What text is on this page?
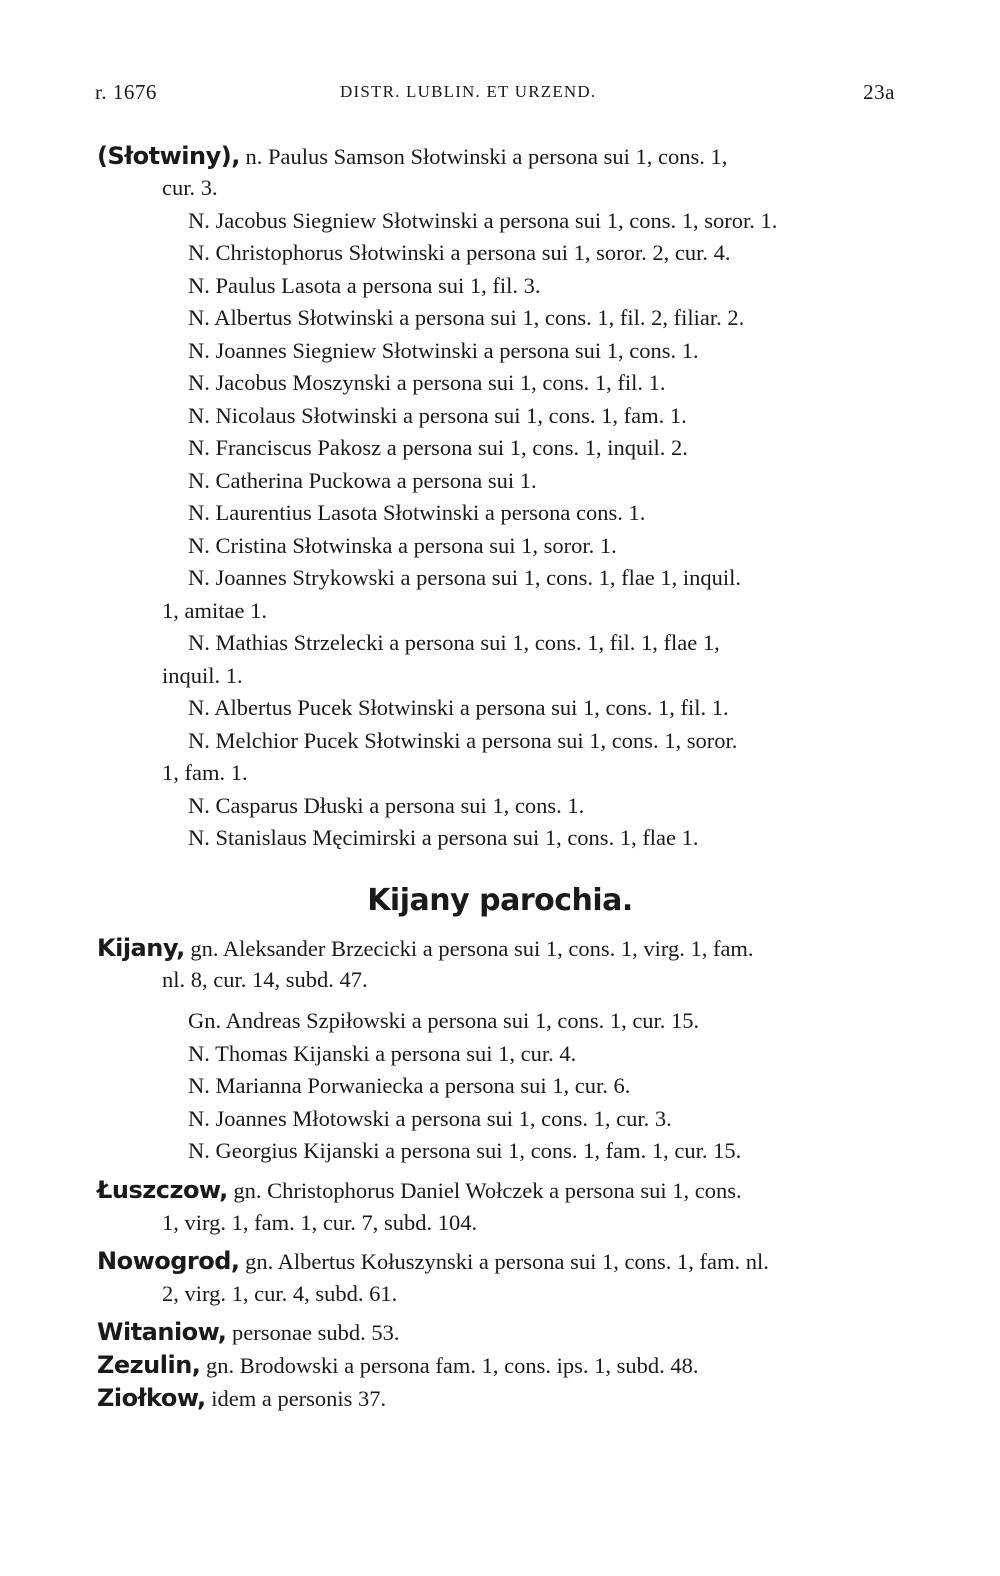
r. 1676	DISTR. LUBLIN. ET URZEND.	23a
(Słotwiny), n. Paulus Samson Słotwinski a persona sui 1, cons. 1,
cur. 3.
N. Jacobus Siegniew Słotwinski a persona sui 1, cons. 1, soror. 1.
N. Christophorus Słotwinski a persona sui 1, soror. 2, cur. 4.
N. Paulus Lasota a persona sui 1, fil. 3.
N. Albertus Słotwinski a persona sui 1, cons. 1, fil. 2, filiar. 2.
N. Joannes Siegniew Słotwinski a persona sui 1, cons. 1.
N. Jacobus Moszynski a persona sui 1, cons. 1, fil. 1.
N. Nicolaus Słotwinski a persona sui 1, cons. 1, fam. 1.
N. Franciscus Pakosz a persona sui 1, cons. 1, inquil. 2.
N. Catherina Puckowa a persona sui 1.
N. Laurentius Lasota Słotwinski a persona cons. 1.
N. Cristina Słotwinska a persona sui 1, soror. 1.
N. Joannes Strykowski a persona sui 1, cons. 1, flae 1, inquil.
1, amitae 1.
N. Mathias Strzelecki a persona sui 1, cons. 1, fil. 1, flae 1,
inquil. 1.
N. Albertus Pucek Słotwinski a persona sui 1, cons. 1, fil. 1.
N. Melchior Pucek Słotwinski a persona sui 1, cons. 1, soror.
1, fam. 1.
N. Casparus Dłuski a persona sui 1, cons. 1.
N. Stanislaus Męcimirski a persona sui 1, cons. 1, flae 1.
Kijany parochia.
Kijany, gn. Aleksander Brzecicki a persona sui 1, cons. 1, virg. 1, fam.
nl. 8, cur. 14, subd. 47.
Gn. Andreas Szpiłowski a persona sui 1, cons. 1, cur. 15.
N. Thomas Kijanski a persona sui 1, cur. 4.
N. Marianna Porwaniecka a persona sui 1, cur. 6.
N. Joannes Młotowski a persona sui 1, cons. 1, cur. 3.
N. Georgius Kijanski a persona sui 1, cons. 1, fam. 1, cur. 15.
Łuszczow, gn. Christophorus Daniel Wołczek a persona sui 1, cons.
1, virg. 1, fam. 1, cur. 7, subd. 104.
Nowogrod, gn. Albertus Kołuszynski a persona sui 1, cons. 1, fam. nl.
2, virg. 1, cur. 4, subd. 61.
Witaniow, personae subd. 53.
Zezulin, gn. Brodowski a persona fam. 1, cons. ips. 1, subd. 48.
Ziołkow, idem a personis 37.
